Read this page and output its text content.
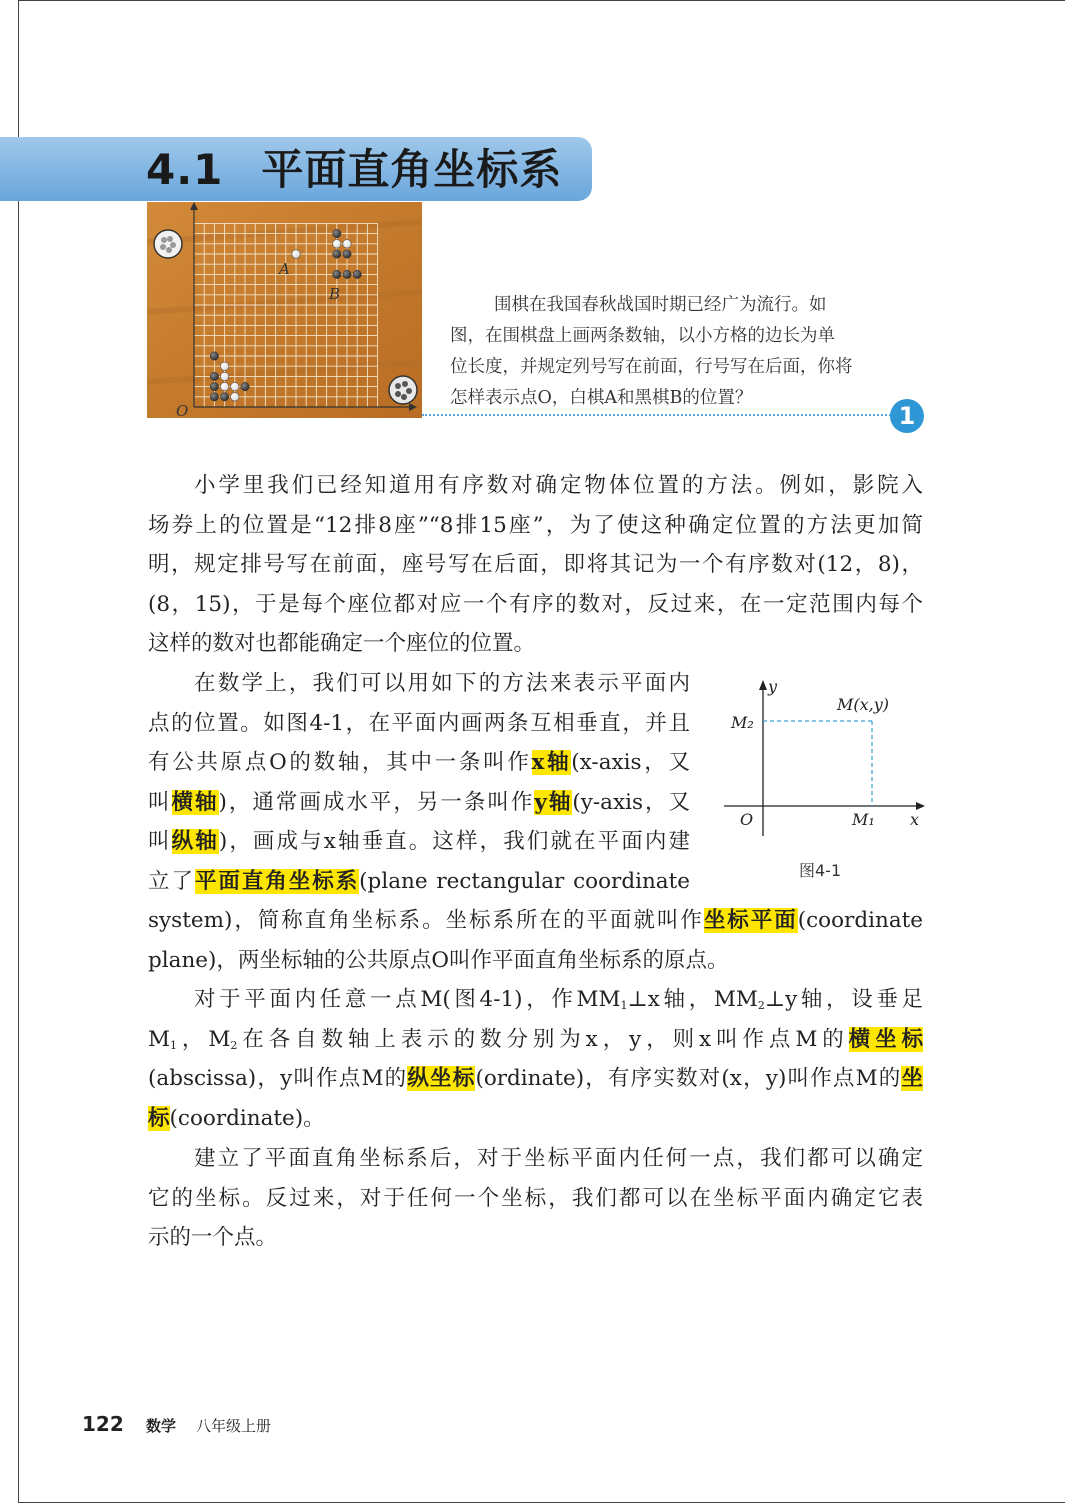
4.1 平面直角坐标系
A
B
O

围棋在我国春秋战国时期已经广为流行。如

图，在围棋盘上画两条数轴，以小方格的边长为单

位长度，并规定列号写在前面，行号写在后面，你将

怎样表示点O，白棋A和黑棋B的位置？

1
小学里我们已经知道用有序数对确定物体位置的方法。例如，影院入
场券上的位置是“12排8座”“8排15座”，为了使这种确定位置的方法更加简
明，规定排号写在前面，座号写在后面，即将其记为一个有序数对(12，8)，
(8，15)，于是每个座位都对应一个有序的数对，反过来，在一定范围内每个
这样的数对也都能确定一个座位的位置。
在数学上，我们可以用如下的方法来表示平面内
点的位置。如图4-1，在平面内画两条互相垂直，并且
有公共原点O的数轴，其中一条叫作x轴(x-axis，又
叫横轴)，通常画成水平，另一条叫作y轴(y-axis，又
叫纵轴)，画成与x轴垂直。这样，我们就在平面内建
立了平面直角坐标系(plane rectangular coordinate
system)，简称直角坐标系。坐标系所在的平面就叫作坐标平面(coordinate
plane)，两坐标轴的公共原点O叫作平面直角坐标系的原点。
对于平面内任意一点M(图4-1)，作$MM_1\perp x$轴，$MM_2\perp y$轴，设垂足
$M_1$，$M_2$在各自数轴上表示的数分别为x，y，则x叫作点M的横坐标
(abscissa)，y叫作点M的纵坐标(ordinate)，有序实数对(x，y)叫作点M的坐
标(coordinate)。
建立了平面直角坐标系后，对于坐标平面内任何一点，我们都可以确定
它的坐标。反过来，对于任何一个坐标，我们都可以在坐标平面内确定它表
示的一个点。
y
x
O
M(x,y)
M₁
M₂
图4-1
122 数学 八年级上册
